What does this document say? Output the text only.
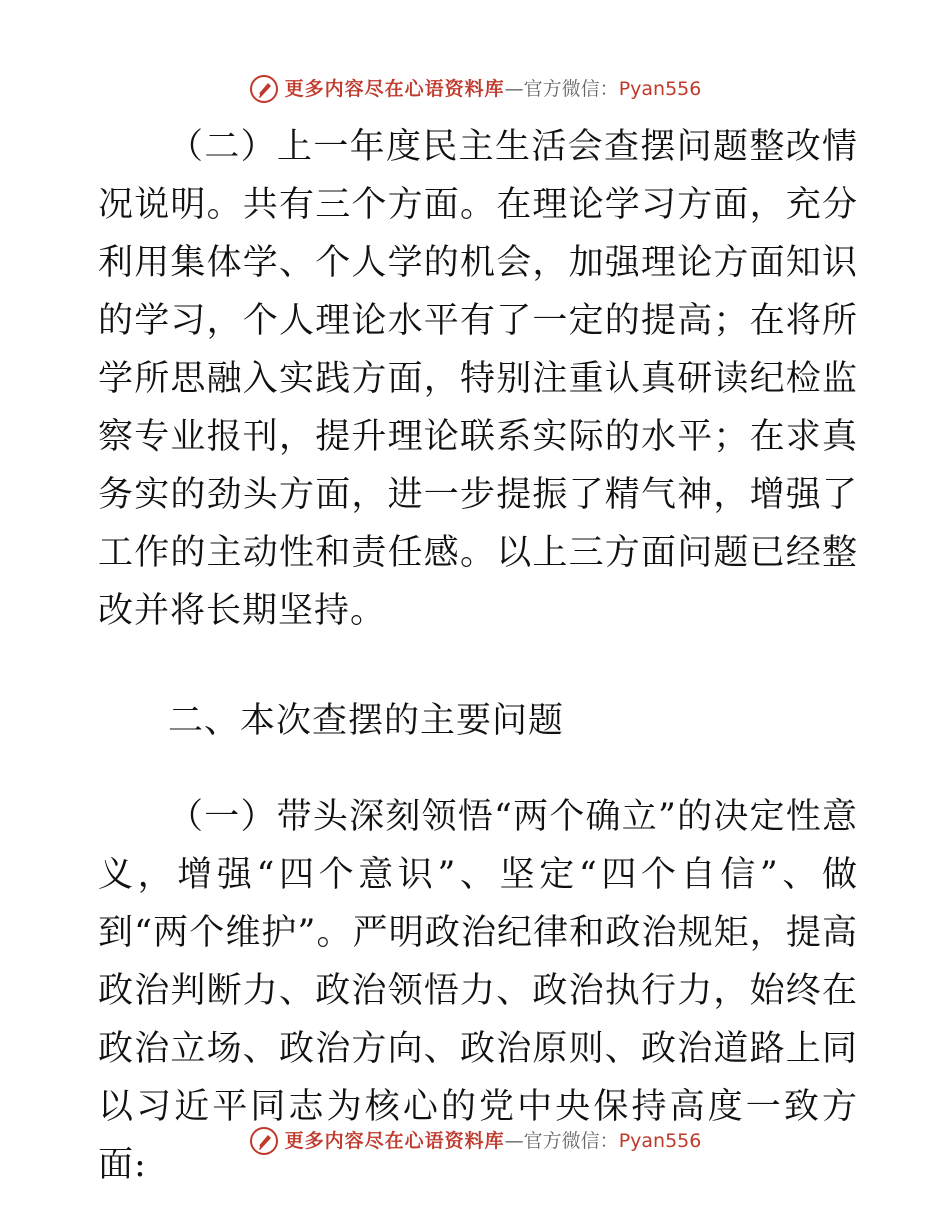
更多内容尽在心语资料库 — 官方微信： Pyan556

（二）上一年度民主生活会查摆问题整改情况说明。共有三个方面。在理论学习方面，充分利用集体学、个人学的机会，加强理论方面知识的学习，个人理论水平有了一定的提高；在将所学所思融入实践方面，特别注重认真研读纪检监察专业报刊，提升理论联系实际的水平；在求真务实的劲头方面，进一步提振了精气神，增强了工作的主动性和责任感。以上三方面问题已经整改并将长期坚持。

二、本次查摆的主要问题

（一）带头深刻领悟“两个确立”的决定性意义，增强“四个意识”、坚定“四个自信”、做到“两个维护”。严明政治纪律和政治规矩，提高政治判断力、政治领悟力、政治执行力，始终在政治立场、政治方向、政治原则、政治道路上同以习近平同志为核心的党中央保持高度一致方面:

更多内容尽在心语资料库 — 官方微信： Pyan556
